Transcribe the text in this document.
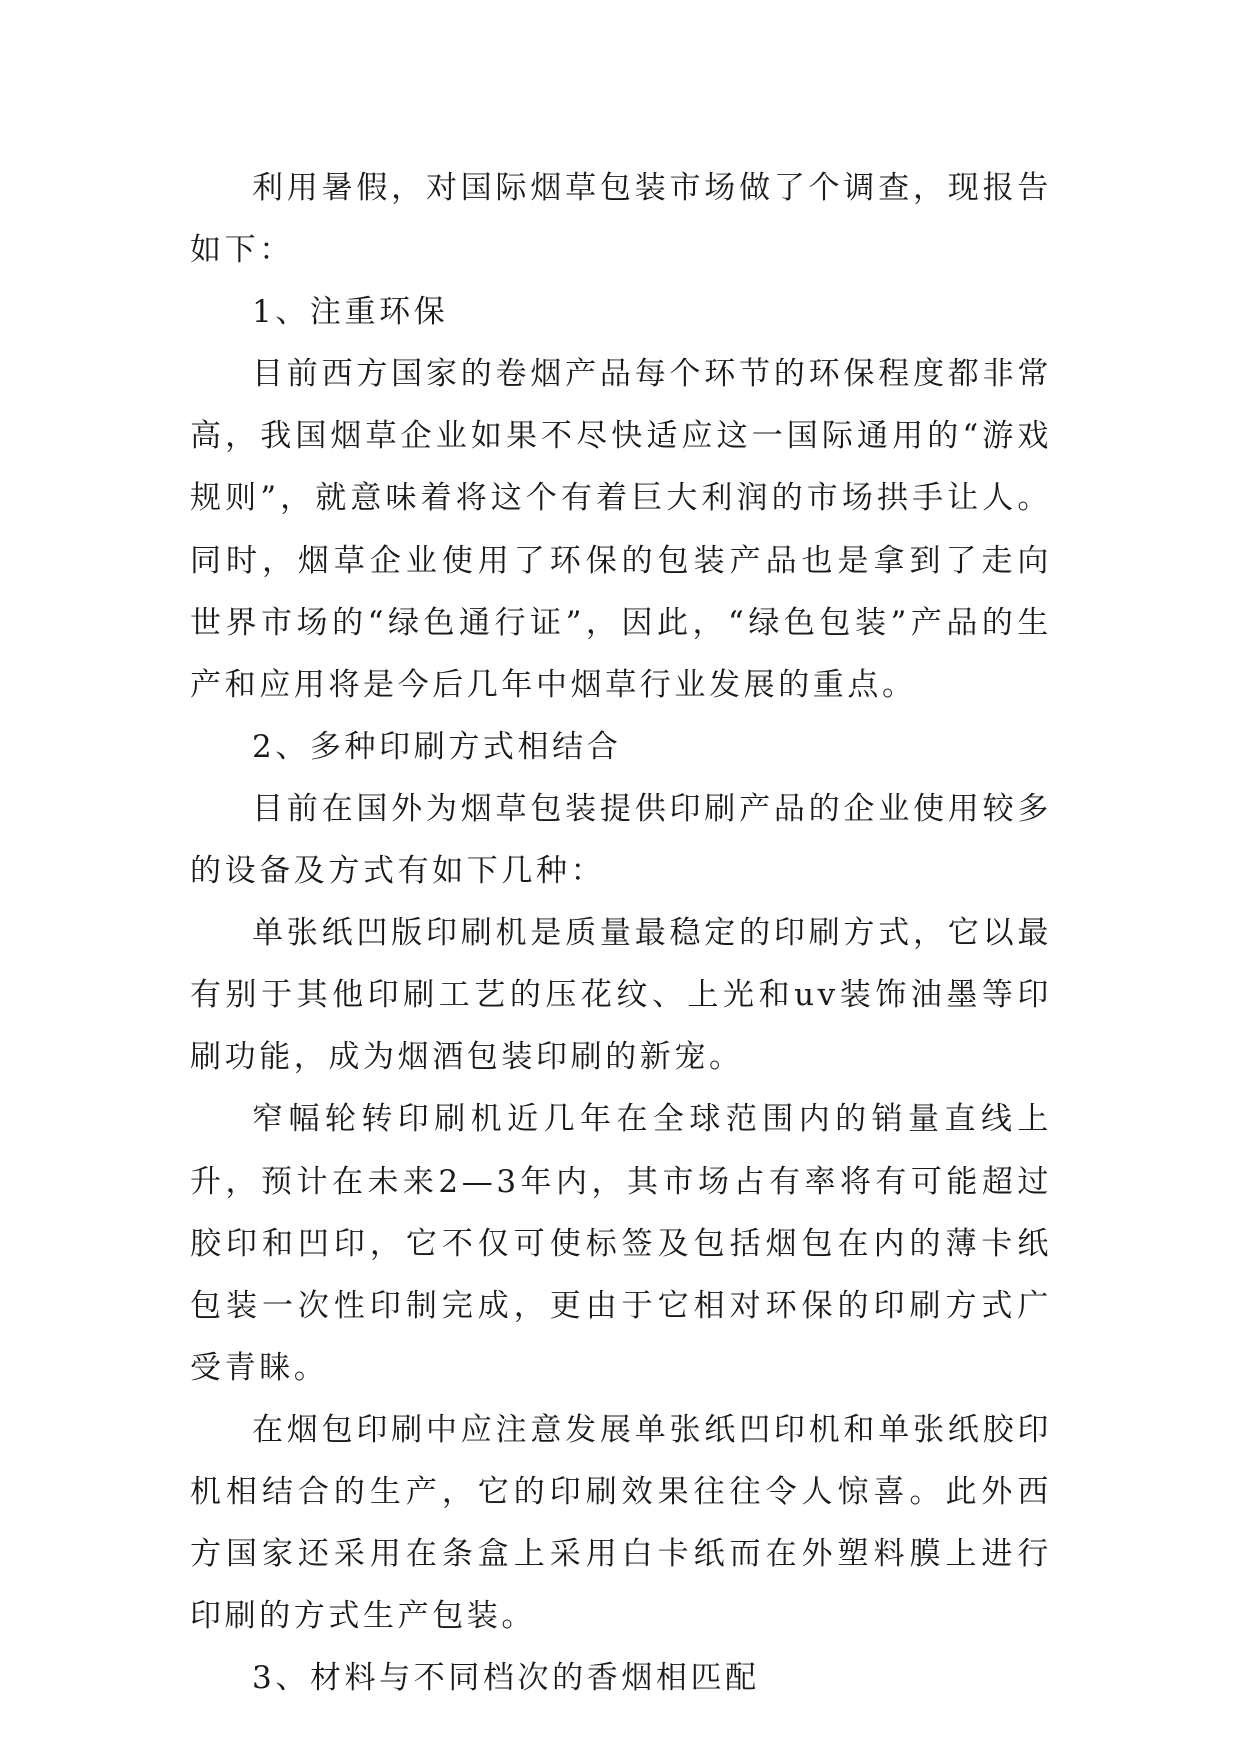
利用暑假，对国际烟草包装市场做了个调查，现报告如下：

1、注重环保

目前西方国家的卷烟产品每个环节的环保程度都非常高，我国烟草企业如果不尽快适应这一国际通用的“游戏规则”，就意味着将这个有着巨大利润的市场拱手让人。同时，烟草企业使用了环保的包装产品也是拿到了走向世界市场的“绿色通行证”，因此，“绿色包装”产品的生产和应用将是今后几年中烟草行业发展的重点。

2、多种印刷方式相结合

目前在国外为烟草包装提供印刷产品的企业使用较多的设备及方式有如下几种：

单张纸凹版印刷机是质量最稳定的印刷方式，它以最有别于其他印刷工艺的压花纹、上光和uv装饰油墨等印刷功能，成为烟酒包装印刷的新宠。

窄幅轮转印刷机近几年在全球范围内的销量直线上升，预计在未来2—3年内，其市场占有率将有可能超过胶印和凹印，它不仅可使标签及包括烟包在内的薄卡纸包装一次性印制完成，更由于它相对环保的印刷方式广受青睐。

在烟包印刷中应注意发展单张纸凹印机和单张纸胶印机相结合的生产，它的印刷效果往往令人惊喜。此外西方国家还采用在条盒上采用白卡纸而在外塑料膜上进行印刷的方式生产包装。

3、材料与不同档次的香烟相匹配
